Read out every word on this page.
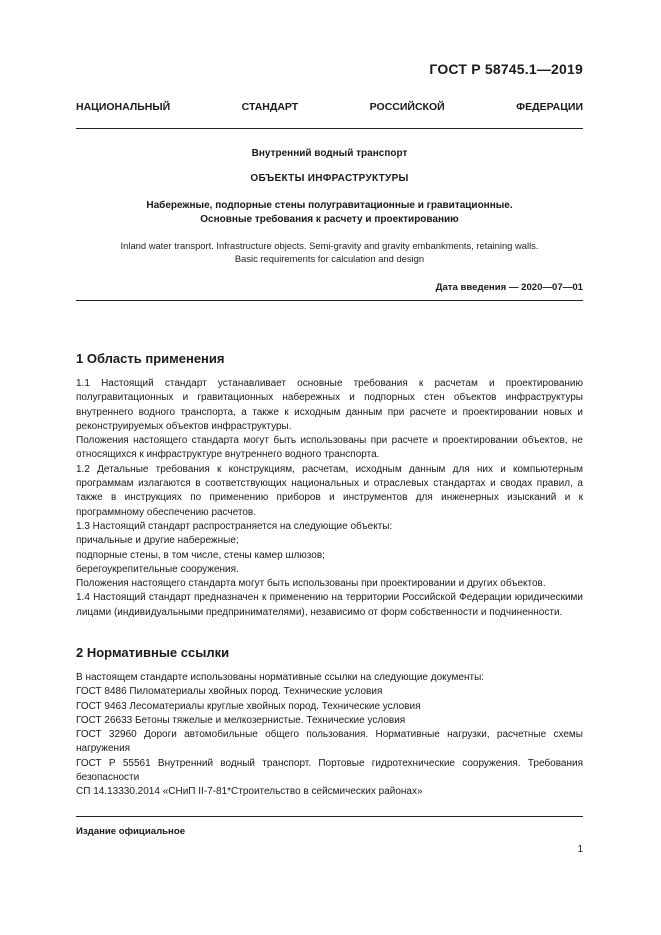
ГОСТ Р 58745.1—2019
НАЦИОНАЛЬНЫЙ СТАНДАРТ РОССИЙСКОЙ ФЕДЕРАЦИИ
Внутренний водный транспорт
ОБЪЕКТЫ ИНФРАСТРУКТУРЫ
Набережные, подпорные стены полугравитационные и гравитационные.
Основные требования к расчету и проектированию
Inland water transport. Infrastructure objects. Semi-gravity and gravity embankments, retaining walls.
Basic requirements for calculation and design
Дата введения — 2020—07—01
1 Область применения

1.1 Настоящий стандарт устанавливает основные требования к расчетам и проектированию полугравитационных и гравитационных набережных и подпорных стен объектов инфраструктуры внутреннего водного транспорта, а также к исходным данным при расчете и проектировании новых и реконструируемых объектов инфраструктуры.

Положения настоящего стандарта могут быть использованы при расчете и проектировании объектов, не относящихся к инфраструктуре внутреннего водного транспорта.

1.2 Детальные требования к конструкциям, расчетам, исходным данным для них и компьютерным программам излагаются в соответствующих национальных и отраслевых стандартах и сводах правил, а также в инструкциях по применению приборов и инструментов для инженерных изысканий и к программному обеспечению расчетов.

1.3 Настоящий стандарт распространяется на следующие объекты:

причальные и другие набережные;

подпорные стены, в том числе, стены камер шлюзов;

берегоукрепительные сооружения.

Положения настоящего стандарта могут быть использованы при проектировании и других объектов.

1.4 Настоящий стандарт предназначен к применению на территории Российской Федерации юридическими лицами (индивидуальными предпринимателями), независимо от форм собственности и подчиненности.

2 Нормативные ссылки

В настоящем стандарте использованы нормативные ссылки на следующие документы:

ГОСТ 8486 Пиломатериалы хвойных пород. Технические условия

ГОСТ 9463 Лесоматериалы круглые хвойных пород. Технические условия

ГОСТ 26633 Бетоны тяжелые и мелкозернистые. Технические условия

ГОСТ 32960 Дороги автомобильные общего пользования. Нормативные нагрузки, расчетные схемы нагружения

ГОСТ Р 55561 Внутренний водный транспорт. Портовые гидротехнические сооружения. Требования безопасности

СП 14.13330.2014 «СНиП II-7-81*Строительство в сейсмических районах»

Издание официальное
1
